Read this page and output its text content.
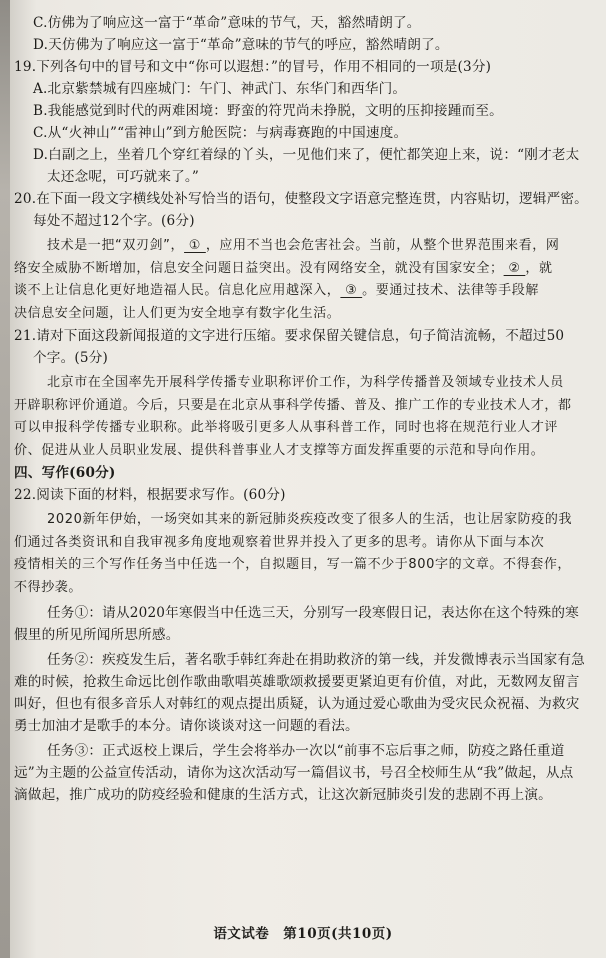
C.仿佛为了响应这一富于“革命”意味的节气，天，豁然晴朗了。
D.天仿佛为了响应这一富于“革命”意味的节气的呼应，豁然晴朗了。
19.下列各句中的冒号和文中“你可以遐想：”的冒号，作用不相同的一项是(3分)
A.北京紫禁城有四座城门：午门、神武门、东华门和西华门。
B.我能感觉到时代的两难困境：野蛮的符咒尚未挣脱，文明的压抑接踵而至。
C.从“火神山”“雷神山”到方舱医院：与病毒赛跑的中国速度。
D.白副之上，坐着几个穿红着绿的丫头，一见他们来了，便忙都笑迎上来，说：“刚才老太
太还念呢，可巧就来了。”
20.在下面一段文字横线处补写恰当的语句，使整段文字语意完整连贯，内容贴切，逻辑严密。
每处不超过12个字。(6分)
技术是一把“双刃剑”， ① ，应用不当也会危害社会。当前，从整个世界范围来看，网
络安全威胁不断增加，信息安全问题日益突出。没有网络安全，就没有国家安全； ② ，就
谈不上让信息化更好地造福人民。信息化应用越深入， ③ 。要通过技术、法律等手段解
决信息安全问题，让人们更为安全地享有数字化生活。
21.请对下面这段新闻报道的文字进行压缩。要求保留关键信息，句子简洁流畅，不超过50
个字。(5分)
北京市在全国率先开展科学传播专业职称评价工作，为科学传播普及领域专业技术人员
开辟职称评价通道。今后，只要是在北京从事科学传播、普及、推广工作的专业技术人才，都
可以申报科学传播专业职称。此举将吸引更多人从事科普工作，同时也将在规范行业人才评
价、促进从业人员职业发展、提供科普事业人才支撑等方面发挥重要的示范和导向作用。
四、写作(60分)
22.阅读下面的材料，根据要求写作。(60分)
2020新年伊始，一场突如其来的新冠肺炎疾疫改变了很多人的生活，也让居家防疫的我
们通过各类资讯和自我审视多角度地观察着世界并投入了更多的思考。请你从下面与本次
疫情相关的三个写作任务当中任选一个，自拟题目，写一篇不少于800字的文章。不得套作，
不得抄袭。
任务①：请从2020年寒假当中任选三天，分别写一段寒假日记，表达你在这个特殊的寒
假里的所见所闻所思所感。
任务②：疾疫发生后，著名歌手韩红奔赴在捐助救济的第一线，并发微博表示当国家有急
难的时候，抢救生命远比创作歌曲歌唱英雄歌颂救援要更紧迫更有价值，对此，无数网友留言
叫好，但也有很多音乐人对韩红的观点提出质疑，认为通过爱心歌曲为受灾民众祝福、为救灾
勇士加油才是歌手的本分。请你谈谈对这一问题的看法。
任务③：正式返校上课后，学生会将举办一次以“前事不忘后事之师，防疫之路任重道
远”为主题的公益宣传活动，请你为这次活动写一篇倡议书，号召全校师生从“我”做起，从点
滴做起，推广成功的防疫经验和健康的生活方式，让这次新冠肺炎引发的悲剧不再上演。
语文试卷　第10页(共10页)
